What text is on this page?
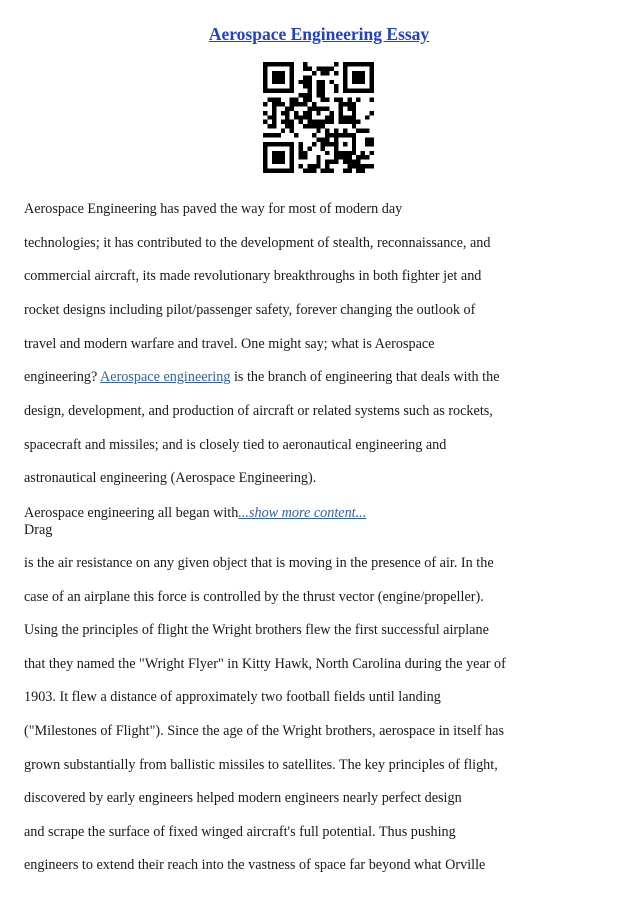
Aerospace Engineering Essay
Aerospace Engineering has paved the way for most of modern day
technologies; it has contributed to the development of stealth, reconnaissance, and
commercial aircraft, its made revolutionary breakthroughs in both fighter jet and
rocket designs including pilot/passenger safety, forever changing the outlook of
travel and modern warfare and travel. One might say; what is Aerospace
engineering? Aerospace engineering is the branch of engineering that deals with the
design, development, and production of aircraft or related systems such as rockets,
spacecraft and missiles; and is closely tied to aeronautical engineering and
astronautical engineering (Aerospace Engineering).
Aerospace engineering all began with...show more content...
Drag
is the air resistance on any given object that is moving in the presence of air. In the
case of an airplane this force is controlled by the thrust vector (engine/propeller).
Using the principles of flight the Wright brothers flew the first successful airplane
that they named the "Wright Flyer" in Kitty Hawk, North Carolina during the year of
1903. It flew a distance of approximately two football fields until landing
("Milestones of Flight"). Since the age of the Wright brothers, aerospace in itself has
grown substantially from ballistic missiles to satellites. The key principles of flight,
discovered by early engineers helped modern engineers nearly perfect design
and scrape the surface of fixed winged aircraft's full potential. Thus pushing
engineers to extend their reach into the vastness of space far beyond what Orville
